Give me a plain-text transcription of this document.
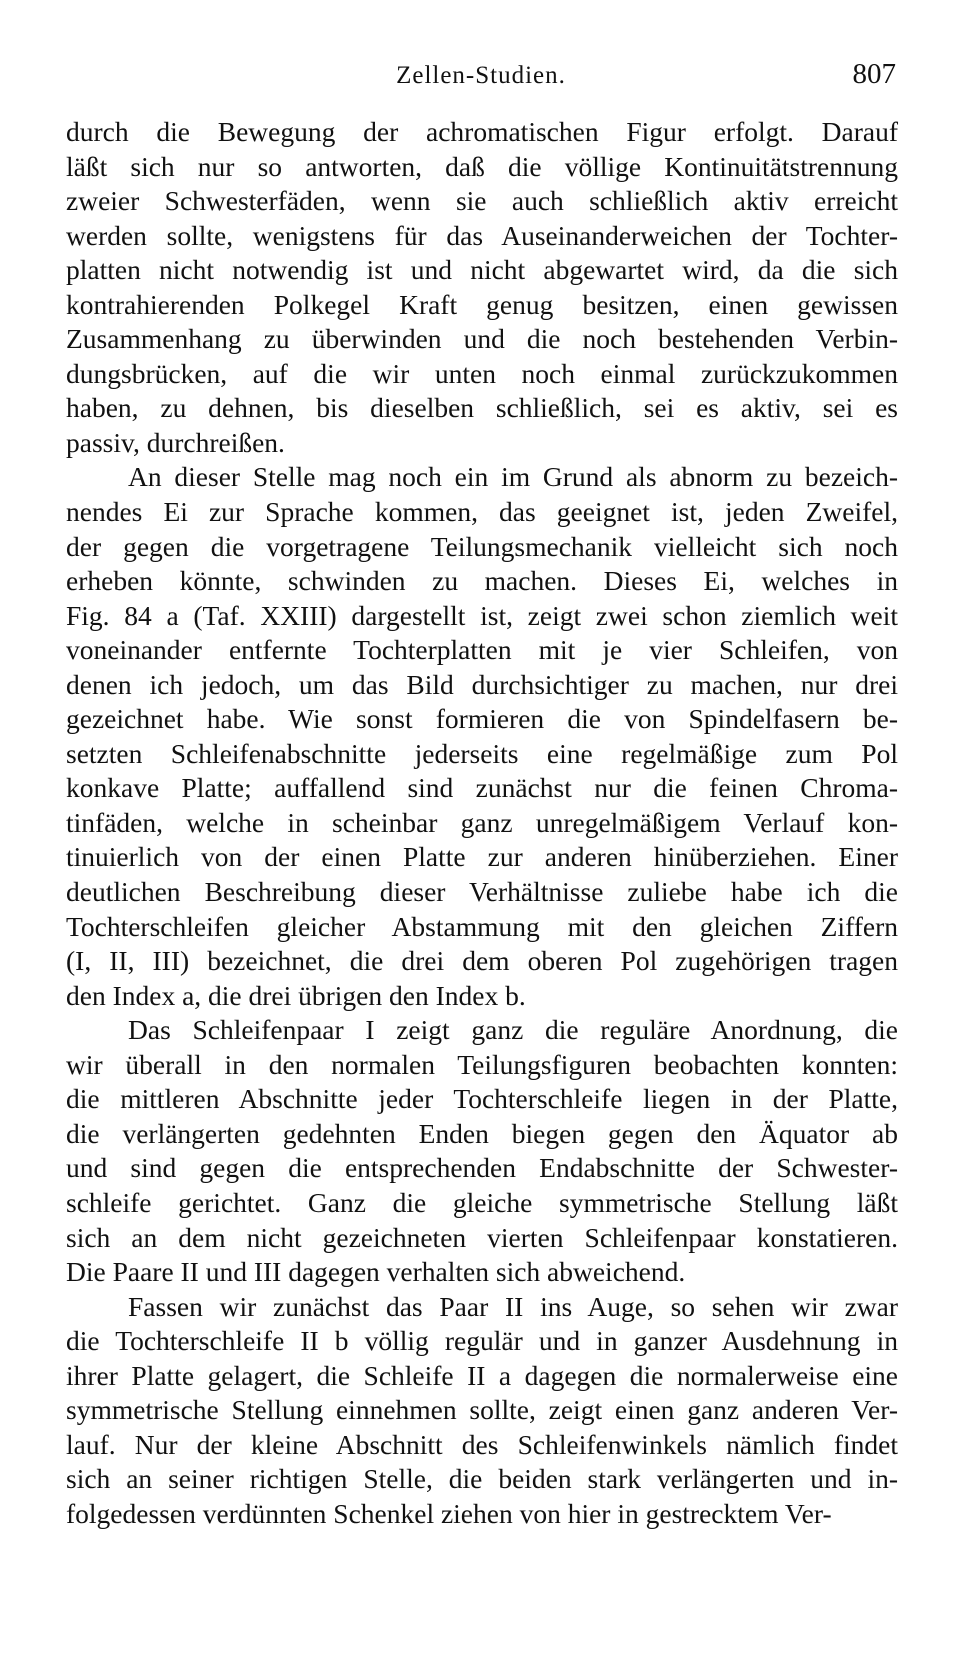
Zellen-Studien.	807
durch die Bewegung der achromatischen Figur erfolgt. Darauf
läßt sich nur so antworten, daß die völlige Kontinuitätstrennung
zweier Schwesterfäden, wenn sie auch schließlich aktiv erreicht
werden sollte, wenigstens für das Auseinanderweichen der Tochter-
platten nicht notwendig ist und nicht abgewartet wird, da die sich
kontrahierenden Polkegel Kraft genug besitzen, einen gewissen
Zusammenhang zu überwinden und die noch bestehenden Verbin-
dungsbrücken, auf die wir unten noch einmal zurückzukommen
haben, zu dehnen, bis dieselben schließlich, sei es aktiv, sei es
passiv, durchreißen.
An dieser Stelle mag noch ein im Grund als abnorm zu bezeich-
nendes Ei zur Sprache kommen, das geeignet ist, jeden Zweifel,
der gegen die vorgetragene Teilungsmechanik vielleicht sich noch
erheben könnte, schwinden zu machen. Dieses Ei, welches in
Fig. 84 a (Taf. XXIII) dargestellt ist, zeigt zwei schon ziemlich weit
voneinander entfernte Tochterplatten mit je vier Schleifen, von
denen ich jedoch, um das Bild durchsichtiger zu machen, nur drei
gezeichnet habe. Wie sonst formieren die von Spindelfasern be-
setzten Schleifenabschnitte jederseits eine regelmäßige zum Pol
konkave Platte; auffallend sind zunächst nur die feinen Chroma-
tinfäden, welche in scheinbar ganz unregelmäßigem Verlauf kon-
tinuierlich von der einen Platte zur anderen hinüberziehen. Einer
deutlichen Beschreibung dieser Verhältnisse zuliebe habe ich die
Tochterschleifen gleicher Abstammung mit den gleichen Ziffern
(I, II, III) bezeichnet, die drei dem oberen Pol zugehörigen tragen
den Index a, die drei übrigen den Index b.
Das Schleifenpaar I zeigt ganz die reguläre Anordnung, die
wir überall in den normalen Teilungsfiguren beobachten konnten:
die mittleren Abschnitte jeder Tochterschleife liegen in der Platte,
die verlängerten gedehnten Enden biegen gegen den Äquator ab
und sind gegen die entsprechenden Endabschnitte der Schwester-
schleife gerichtet. Ganz die gleiche symmetrische Stellung läßt
sich an dem nicht gezeichneten vierten Schleifenpaar konstatieren.
Die Paare II und III dagegen verhalten sich abweichend.
Fassen wir zunächst das Paar II ins Auge, so sehen wir zwar
die Tochterschleife II b völlig regulär und in ganzer Ausdehnung in
ihrer Platte gelagert, die Schleife II a dagegen die normalerweise eine
symmetrische Stellung einnehmen sollte, zeigt einen ganz anderen Ver-
lauf. Nur der kleine Abschnitt des Schleifenwinkels nämlich findet
sich an seiner richtigen Stelle, die beiden stark verlängerten und in-
folgedessen verdünnten Schenkel ziehen von hier in gestrecktem Ver-
